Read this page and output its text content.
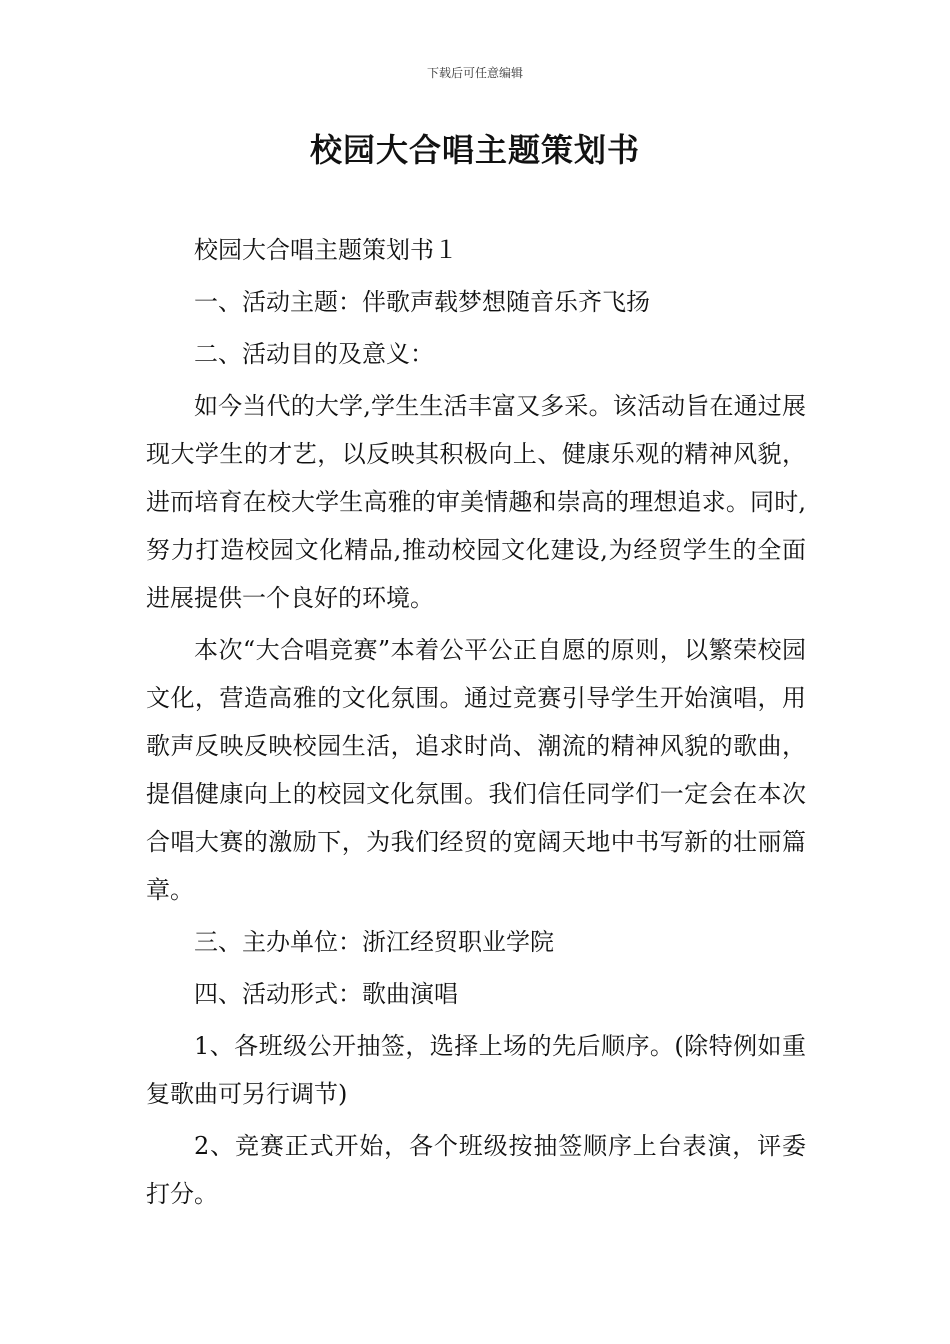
下载后可任意编辑
校园大合唱主题策划书

校园大合唱主题策划书１

一、活动主题：伴歌声载梦想随音乐齐飞扬

二、活动目的及意义：

如今当代的大学,学生生活丰富又多采。该活动旨在通过展现大学生的才艺，以反映其积极向上、健康乐观的精神风貌，进而培育在校大学生高雅的审美情趣和崇高的理想追求。同时,努力打造校园文化精品,推动校园文化建设,为经贸学生的全面进展提供一个良好的环境。

本次“大合唱竞赛”本着公平公正自愿的原则，以繁荣校园文化，营造高雅的文化氛围。通过竞赛引导学生开始演唱，用歌声反映反映校园生活，追求时尚、潮流的精神风貌的歌曲，提倡健康向上的校园文化氛围。我们信任同学们一定会在本次合唱大赛的激励下，为我们经贸的宽阔天地中书写新的壮丽篇章。

三、主办单位：浙江经贸职业学院

四、活动形式：歌曲演唱

1、各班级公开抽签，选择上场的先后顺序。(除特例如重复歌曲可另行调节)

2、竞赛正式开始，各个班级按抽签顺序上台表演，评委打分。
